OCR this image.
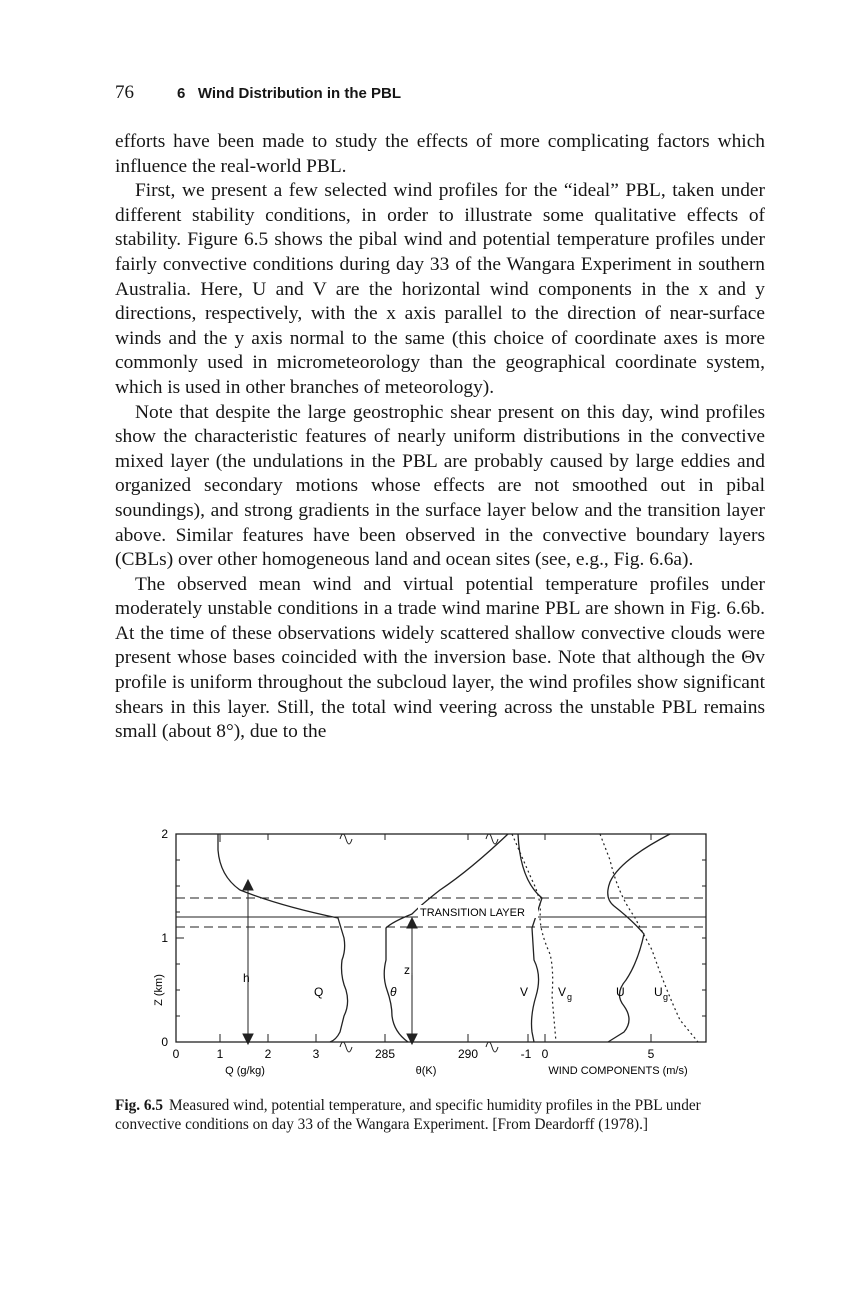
76	6   Wind Distribution in the PBL

efforts have been made to study the effects of more complicating factors which influence the real-world PBL.

First, we present a few selected wind profiles for the “ideal” PBL, taken under different stability conditions, in order to illustrate some qualitative effects of stability. Figure 6.5 shows the pibal wind and potential temperature profiles under fairly convective conditions during day 33 of the Wangara Experiment in southern Australia. Here, U and V are the horizontal wind components in the x and y directions, respectively, with the x axis parallel to the direction of near-surface winds and the y axis normal to the same (this choice of coordinate axes is more commonly used in micrometeorology than the geographical coordinate system, which is used in other branches of meteorology).

Note that despite the large geostrophic shear present on this day, wind profiles show the characteristic features of nearly uniform distributions in the convective mixed layer (the undulations in the PBL are probably caused by large eddies and organized secondary motions whose effects are not smoothed out in pibal soundings), and strong gradients in the surface layer below and the transition layer above. Similar features have been observed in the convective boundary layers (CBLs) over other homogeneous land and ocean sites (see, e.g., Fig. 6.6a).

The observed mean wind and virtual potential temperature profiles under moderately unstable conditions in a trade wind marine PBL are shown in Fig. 6.6b. At the time of these observations widely scattered shallow convective clouds were present whose bases coincided with the inversion base. Note that although the Θv profile is uniform throughout the subcloud layer, the wind profiles show significant shears in this layer. Still, the total wind veering across the unstable PBL remains small (about 8°), due to the

TRANSITION LAYER
h
z i
Q	θ	V V g	U U g
2
1
0
Z (km)
0	1	2	3	285	290	-1 0	5
Q (g/kg)	θ(K)	WIND COMPONENTS (m/s)
Fig. 6.5 Measured wind, potential temperature, and specific humidity profiles in the PBL under convective conditions on day 33 of the Wangara Experiment. [From Deardorff (1978).]
